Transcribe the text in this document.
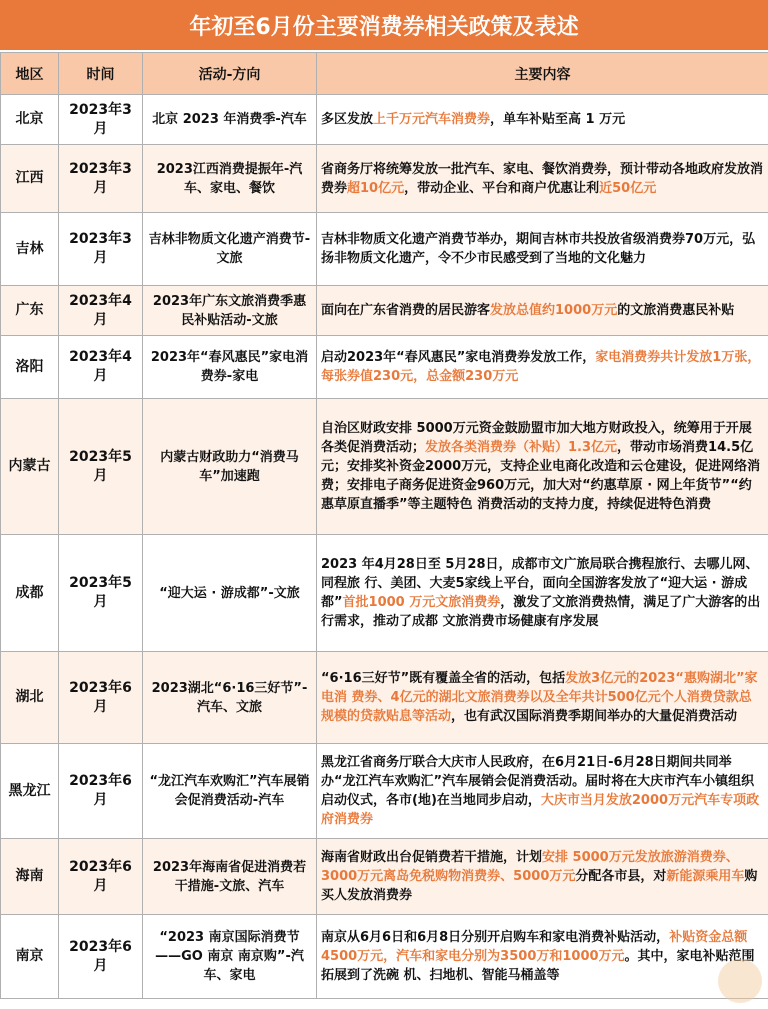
年初至6月份主要消费券相关政策及表述
地区	时间	活动-方向	主要内容
北京	2023年3月	北京 2023 年消费季-汽车	多区发放上千万元汽车消费券，单车补贴至高 1 万元
江西	2023年3月	2023江西消费提振年-汽车、家电、餐饮	省商务厅将统筹发放一批汽车、家电、餐饮消费券，预计带动各地政府发放消费券超10亿元，带动企业、平台和商户优惠让利近50亿元
吉林	2023年3月	吉林非物质文化遗产消费节-文旅	吉林非物质文化遗产消费节举办，期间吉林市共投放省级消费券70万元，弘扬非物质文化遗产，令不少市民感受到了当地的文化魅力
广东	2023年4月	2023年广东文旅消费季惠民补贴活动-文旅	面向在广东省消费的居民游客发放总值约1000万元的文旅消费惠民补贴
洛阳	2023年4月	2023年“春风惠民”家电消费券-家电	启动2023年“春风惠民”家电消费券发放工作，家电消费券共计发放1万张，每张券值230元，总金额230万元
内蒙古	2023年5月	内蒙古财政助力“消费马车”加速跑	自治区财政安排 5000万元资金鼓励盟市加大地方财政投入，统筹用于开展各类促消费活动；发放各类消费券（补贴）1.3亿元，带动市场消费14.5亿元；安排奖补资金2000万元，支持企业电商化改造和云仓建设，促进网络消费；安排电子商务促进资金960万元，加大对“约惠草原 · 网上年货节”“约惠草原直播季”等主题特色 消费活动的支持力度，持续促进特色消费
成都	2023年5月	“迎大运 · 游成都”-文旅	2023 年4月28日至 5月28日，成都市文广旅局联合携程旅行、去哪儿网、同程旅 行、美团、大麦5家线上平台，面向全国游客发放了“迎大运 · 游成都”首批1000 万元文旅消费券，激发了文旅消费热情，满足了广大游客的出行需求，推动了成都 文旅消费市场健康有序发展
湖北	2023年6月	2023湖北“6·16三好节”-汽车、文旅	“6·16三好节”既有覆盖全省的活动，包括发放3亿元的2023“惠购湖北”家电消 费券、4亿元的湖北文旅消费券以及全年共计500亿元个人消费贷款总规模的贷款贴息等活动，也有武汉国际消费季期间举办的大量促消费活动
黑龙江	2023年6月	“龙江汽车欢购汇”汽车展销会促消费活动-汽车	黑龙江省商务厅联合大庆市人民政府，在6月21日-6月28日期间共同举办“龙江汽车欢购汇”汽车展销会促消费活动。届时将在大庆市汽车小镇组织启动仪式，各市(地)在当地同步启动，大庆市当月发放2000万元汽车专项政府消费券
海南	2023年6月	2023年海南省促进消费若干措施-文旅、汽车	海南省财政出台促销费若干措施，计划安排 5000万元发放旅游消费券、3000万元离岛免税购物消费券、5000万元分配各市县，对新能源乘用车购买人发放消费券
南京	2023年6月	“2023 南京国际消费节——GO 南京 南京购”-汽车、家电	南京从6月6日和6月8日分别开启购车和家电消费补贴活动，补贴资金总额 4500万元，汽车和家电分别为3500万和1000万元。其中，家电补贴范围拓展到了洗碗 机、扫地机、智能马桶盖等
